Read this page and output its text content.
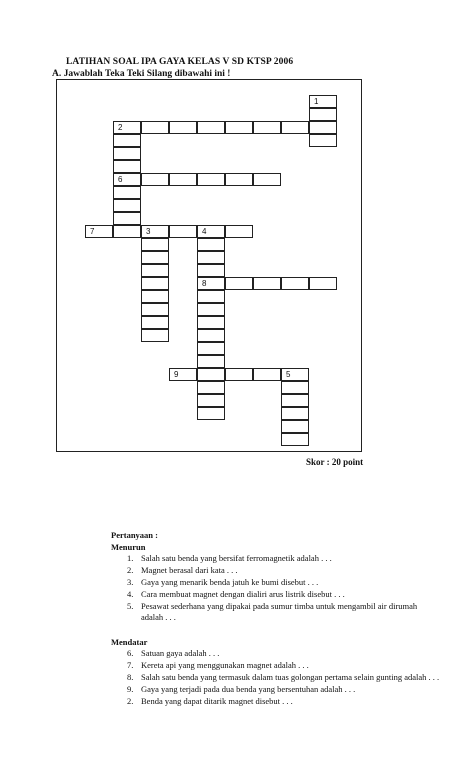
LATIHAN SOAL IPA GAYA KELAS V SD KTSP 2006
A. Jawablah Teka Teki Silang dibawahi ini !
1
2
6
7	3	4
8
9	5
Skor : 20 point

Pertanyaan :

Menurun

1. Salah satu benda yang bersifat ferromagnetik adalah . . .
2. Magnet berasal dari kata . . .
3. Gaya yang menarik benda jatuh ke bumi disebut . . .
4. Cara membuat magnet dengan dialiri arus listrik disebut . . .
5. Pesawat sederhana yang dipakai pada sumur timba untuk mengambil air dirumah adalah . . .

Mendatar

6. Satuan gaya adalah . . .
7. Kereta api yang menggunakan magnet adalah . . .
8. Salah satu benda yang termasuk dalam tuas golongan pertama selain gunting adalah . . .
9. Gaya yang terjadi pada dua benda yang bersentuhan adalah . . .
2. Benda yang dapat ditarik magnet disebut . . .
